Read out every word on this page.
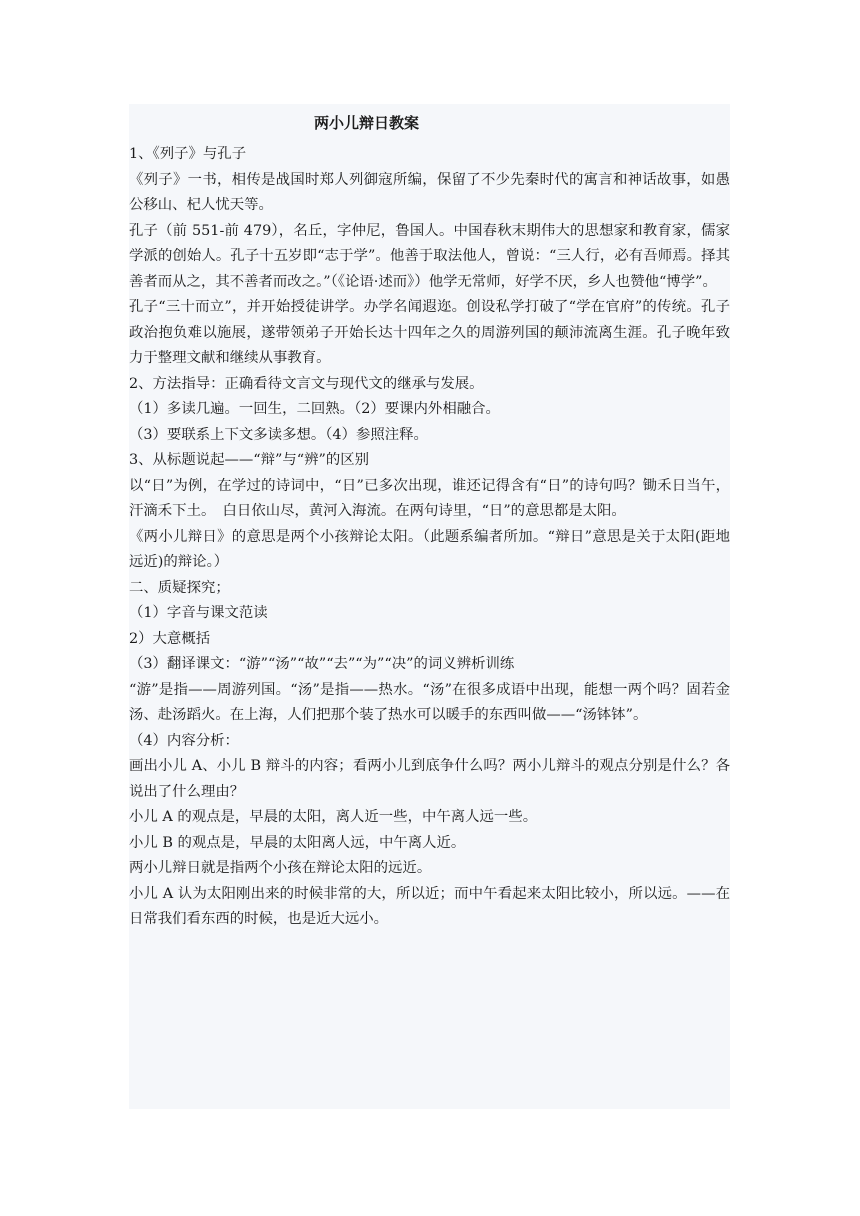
两小儿辩日教案

1、《列子》与孔子

《列子》一书，相传是战国时郑人列御寇所编，保留了不少先秦时代的寓言和神话故事，如愚公移山、杞人忧天等。

孔子（前 551-前 479），名丘，字仲尼，鲁国人。中国春秋末期伟大的思想家和教育家，儒家学派的创始人。孔子十五岁即“志于学”。他善于取法他人，曾说：“三人行，必有吾师焉。择其善者而从之，其不善者而改之。”（《论语·述而》）他学无常师，好学不厌，乡人也赞他“博学”。

孔子“三十而立”，并开始授徒讲学。办学名闻遐迩。创设私学打破了“学在官府”的传统。孔子政治抱负难以施展，遂带领弟子开始长达十四年之久的周游列国的颠沛流离生涯。孔子晚年致力于整理文献和继续从事教育。

2、方法指导：正确看待文言文与现代文的继承与发展。

（1）多读几遍。一回生，二回熟。（2）要课内外相融合。

（3）要联系上下文多读多想。（4）参照注释。

3、从标题说起——“辩”与“辨”的区别

以“日”为例，在学过的诗词中，“日”已多次出现，谁还记得含有“日”的诗句吗？锄禾日当午，汗滴禾下土。　白日依山尽，黄河入海流。在两句诗里，“日”的意思都是太阳。

《两小儿辩日》的意思是两个小孩辩论太阳。（此题系编者所加。“辩日”意思是关于太阳(距地远近)的辩论。）

二、质疑探究；

（1）字音与课文范读

2）大意概括

（3）翻译课文：“游”“汤”“故”“去”“为”“决”的词义辨析训练

“游”是指——周游列国。“汤”是指——热水。“汤”在很多成语中出现，能想一两个吗？固若金汤、赴汤蹈火。在上海，人们把那个装了热水可以暖手的东西叫做——“汤钵钵”。

（4）内容分析：

画出小儿 A、小儿 B 辩斗的内容；看两小儿到底争什么吗？两小儿辩斗的观点分别是什么？各说出了什么理由？

小儿 A 的观点是，早晨的太阳，离人近一些，中午离人远一些。

小儿 B 的观点是，早晨的太阳离人远，中午离人近。

两小儿辩日就是指两个小孩在辩论太阳的远近。

小儿 A 认为太阳刚出来的时候非常的大，所以近；而中午看起来太阳比较小，所以远。——在日常我们看东西的时候，也是近大远小。
